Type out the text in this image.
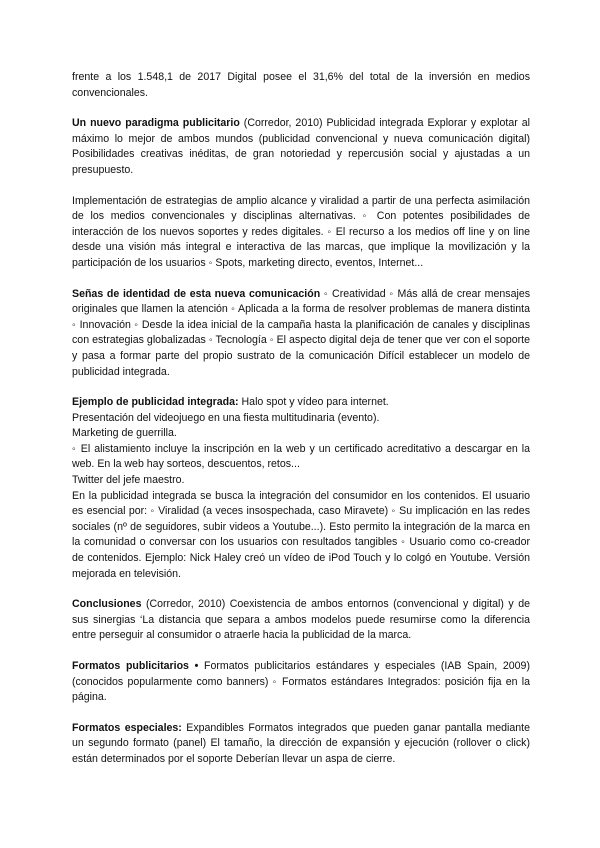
frente a los 1.548,1 de 2017 Digital posee el 31,6% del total de la inversión en medios convencionales.

Un nuevo paradigma publicitario (Corredor, 2010) Publicidad integrada Explorar y explotar al máximo lo mejor de ambos mundos (publicidad convencional y nueva comunicación digital) Posibilidades creativas inéditas, de gran notoriedad y repercusión social y ajustadas a un presupuesto.

Implementación de estrategias de amplio alcance y viralidad a partir de una perfecta asimilación de los medios convencionales y disciplinas alternativas. ◦ Con potentes posibilidades de interacción de los nuevos soportes y redes digitales. ◦ El recurso a los medios off line y on line desde una visión más integral e interactiva de las marcas, que implique la movilización y la participación de los usuarios ◦ Spots, marketing directo, eventos, Internet...

Señas de identidad de esta nueva comunicación ◦ Creatividad ◦ Más allá de crear mensajes originales que llamen la atención ◦ Aplicada a la forma de resolver problemas de manera distinta ◦ Innovación ◦ Desde la idea inicial de la campaña hasta la planificación de canales y disciplinas con estrategias globalizadas ◦ Tecnología ◦ El aspecto digital deja de tener que ver con el soporte y pasa a formar parte del propio sustrato de la comunicación Difícil establecer un modelo de publicidad integrada.

Ejemplo de publicidad integrada: Halo spot y vídeo para internet.

Presentación del videojuego en una fiesta multitudinaria (evento).

Marketing de guerrilla.

◦ El alistamiento incluye la inscripción en la web y un certificado acreditativo a descargar en la web. En la web hay sorteos, descuentos, retos...

Twitter del jefe maestro.

En la publicidad integrada se busca la integración del consumidor en los contenidos. El usuario es esencial por: ◦ Viralidad (a veces insospechada, caso Miravete) ◦ Su implicación en las redes sociales (nº de seguidores, subir videos a Youtube...). Esto permito la integración de la marca en la comunidad o conversar con los usuarios con resultados tangibles ◦ Usuario como co-creador de contenidos. Ejemplo: Nick Haley creó un vídeo de iPod Touch y lo colgó en Youtube. Versión mejorada en televisión.

Conclusiones (Corredor, 2010) Coexistencia de ambos entornos (convencional y digital) y de sus sinergias ‘La distancia que separa a ambos modelos puede resumirse como la diferencia entre perseguir al consumidor o atraerle hacia la publicidad de la marca.

Formatos publicitarios • Formatos publicitarios estándares y especiales (IAB Spain, 2009) (conocidos popularmente como banners) ◦ Formatos estándares Integrados: posición fija en la página.

Formatos especiales: Expandibles Formatos integrados que pueden ganar pantalla mediante un segundo formato (panel) El tamaño, la dirección de expansión y ejecución (rollover o click) están determinados por el soporte Deberían llevar un aspa de cierre.
